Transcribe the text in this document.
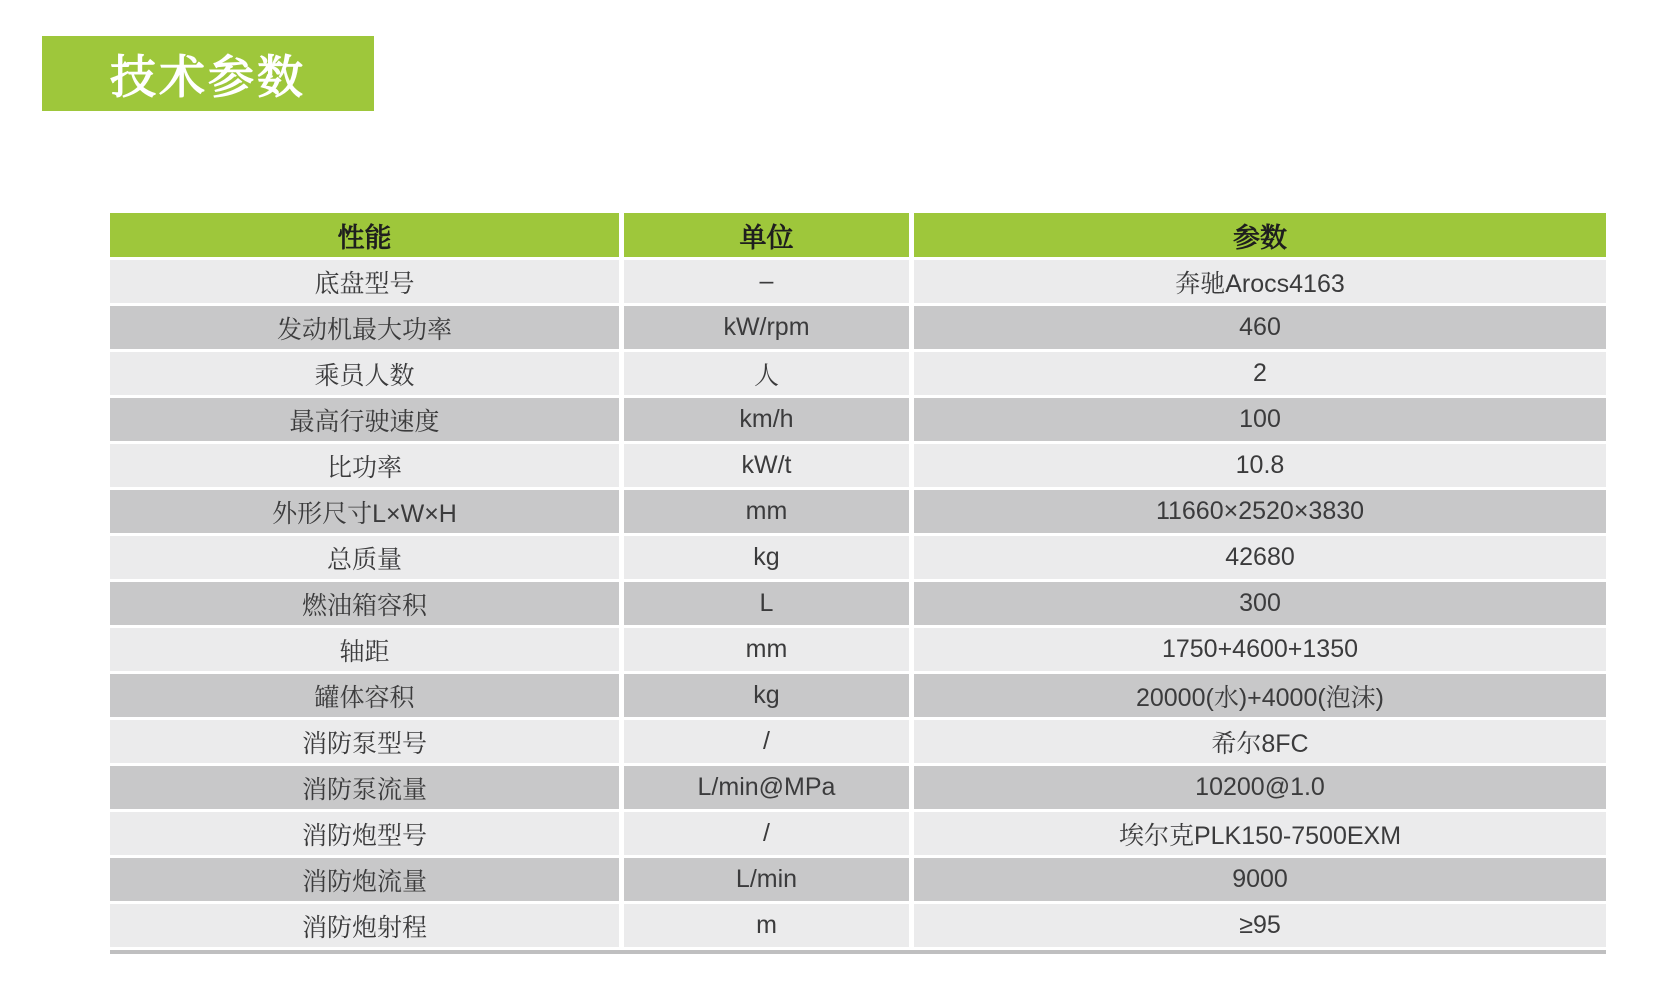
技术参数
性能	单位	参数
底盘型号	–	奔驰Arocs4163
发动机最大功率	kW/rpm	460
乘员人数	人	2
最高行驶速度	km/h	100
比功率	kW/t	10.8
外形尺寸L×W×H	mm	11660×2520×3830
总质量	kg	42680
燃油箱容积	L	300
轴距	mm	1750+4600+1350
罐体容积	kg	20000(水)+4000(泡沫)
消防泵型号	/	希尔8FC
消防泵流量	L/min@MPa	10200@1.0
消防炮型号	/	埃尔克PLK150-7500EXM
消防炮流量	L/min	9000
消防炮射程	m	≥95
